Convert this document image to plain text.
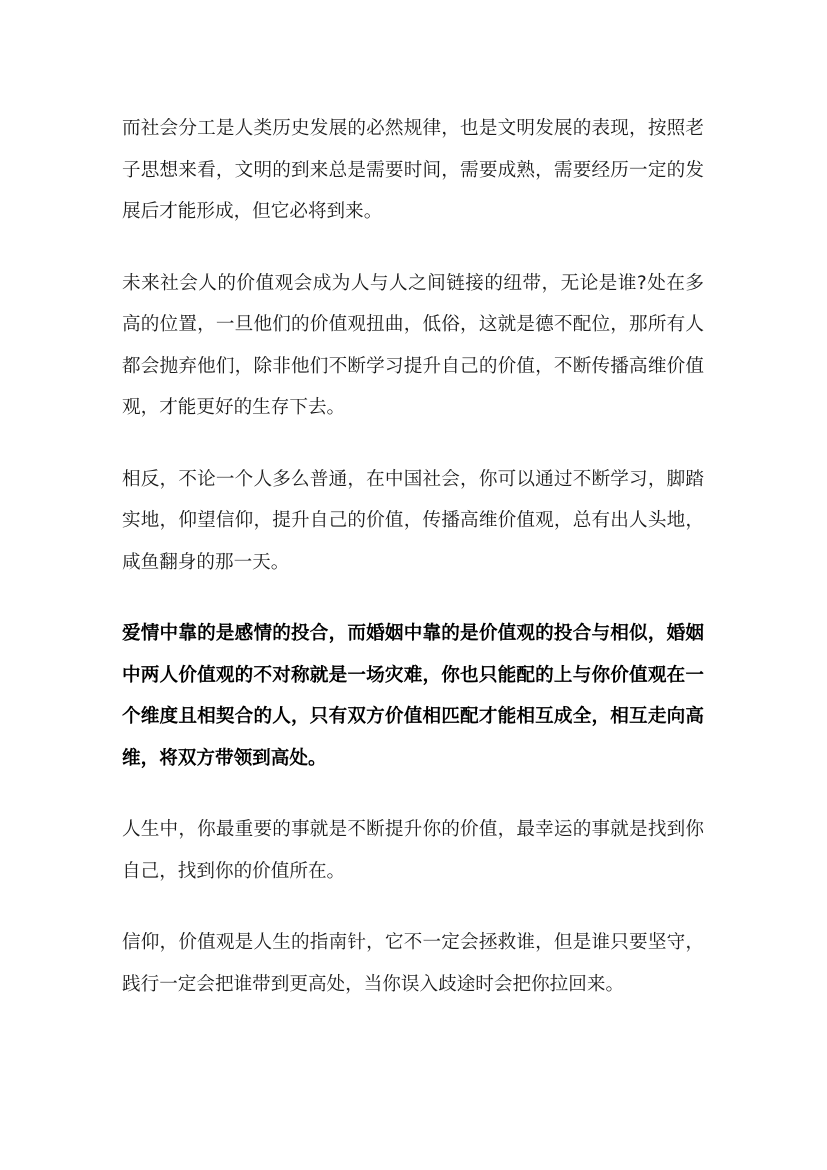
而社会分工是人类历史发展的必然规律，也是文明发展的表现，按照老子思想来看，文明的到来总是需要时间，需要成熟，需要经历一定的发展后才能形成，但它必将到来。

未来社会人的价值观会成为人与人之间链接的纽带，无论是谁?处在多高的位置，一旦他们的价值观扭曲，低俗，这就是德不配位，那所有人都会抛弃他们，除非他们不断学习提升自己的价值，不断传播高维价值观，才能更好的生存下去。

相反，不论一个人多么普通，在中国社会，你可以通过不断学习，脚踏实地，仰望信仰，提升自己的价值，传播高维价值观，总有出人头地，咸鱼翻身的那一天。

爱情中靠的是感情的投合，而婚姻中靠的是价值观的投合与相似，婚姻中两人价值观的不对称就是一场灾难，你也只能配的上与你价值观在一个维度且相契合的人，只有双方价值相匹配才能相互成全，相互走向高维，将双方带领到高处。

人生中，你最重要的事就是不断提升你的价值，最幸运的事就是找到你自己，找到你的价值所在。

信仰，价值观是人生的指南针，它不一定会拯救谁，但是谁只要坚守，践行一定会把谁带到更高处，当你误入歧途时会把你拉回来。
